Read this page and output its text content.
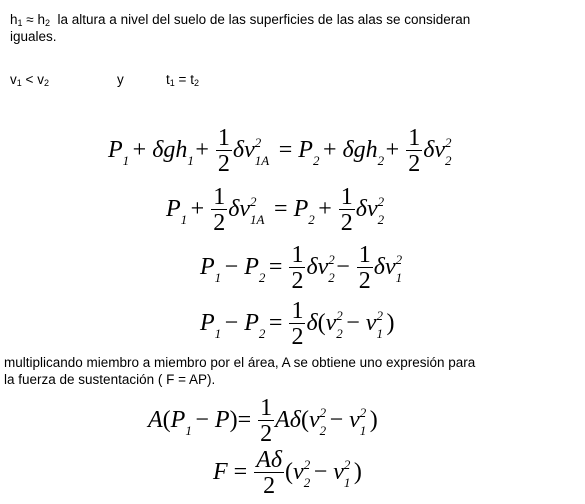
$h_1 \approx h_2$ la altura a nivel del suelo de las superficies de las alas se consideran
iguales.
$v_1 < v_2$	y	$t_1 = t_2$
P 1 + δgh $1 + \frac{1}{2}$ δv 2
1A = P 2 + δgh $2 + \frac{1}{2}$ δv 2
2
P $1 + \frac{1}{2}$ δv 2
1A = P $2 + \frac{1}{2}$ δv 2
2
P 1 − P $2 = \frac{1}{2}$ δv 2
$2 - \frac{1}{2}$ δv 2
1
P 1 − P $2 = \frac{1}{2} \delta(v$ 2
2 − v 2
1 )
multiplicando miembro a miembro por el área, A se obtiene uno expresión para
la fuerza de sustentación ( F = AP).
A(P $1 - P)= \frac{1}{2} A\delta(v$ 2
2 − v 2
1 )
$F = \frac{A\delta}{2} (v$ 2
2 − v 2
1 )
